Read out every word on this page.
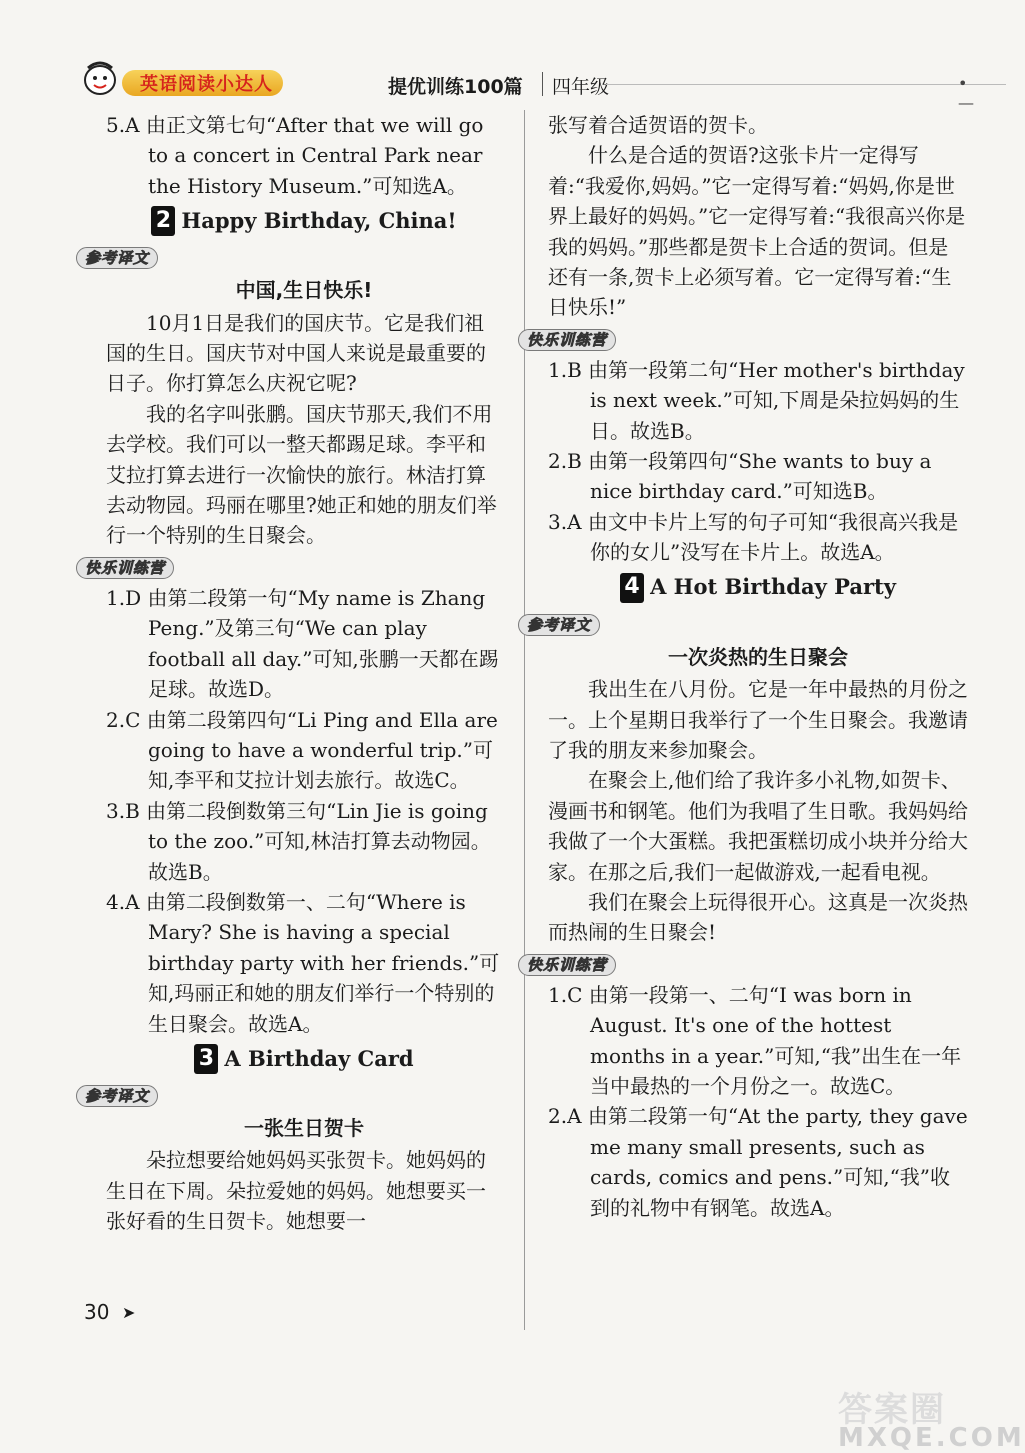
英语阅读小达人	提优训练100篇 四年级	•—

5.A 由正文第七句“After that we will go to a concert in Central Park near the History Museum.”可知选A。

2 Happy Birthday, China!
参考译文

中国,生日快乐!

10月1日是我们的国庆节。它是我们祖国的生日。国庆节对中国人来说是最重要的日子。你打算怎么庆祝它呢?

我的名字叫张鹏。国庆节那天,我们不用去学校。我们可以一整天都踢足球。李平和艾拉打算去进行一次愉快的旅行。林洁打算去动物园。玛丽在哪里?她正和她的朋友们举行一个特别的生日聚会。

快乐训练营

1.D 由第二段第一句“My name is Zhang Peng.”及第三句“We can play football all day.”可知,张鹏一天都在踢足球。故选D。

2.C 由第二段第四句“Li Ping and Ella are going to have a wonderful trip.”可知,李平和艾拉计划去旅行。故选C。

3.B 由第二段倒数第三句“Lin Jie is going to the zoo.”可知,林洁打算去动物园。故选B。

4.A 由第二段倒数第一、二句“Where is Mary? She is having a special birthday party with her friends.”可知,玛丽正和她的朋友们举行一个特别的生日聚会。故选A。

3 A Birthday Card
参考译文

一张生日贺卡

朵拉想要给她妈妈买张贺卡。她妈妈的生日在下周。朵拉爱她的妈妈。她想要买一张好看的生日贺卡。她想要一

张写着合适贺语的贺卡。

什么是合适的贺语?这张卡片一定得写着:“我爱你,妈妈。”它一定得写着:“妈妈,你是世界上最好的妈妈。”它一定得写着:“我很高兴你是我的妈妈。”那些都是贺卡上合适的贺词。但是还有一条,贺卡上必须写着。它一定得写着:“生日快乐!”

快乐训练营

1.B 由第一段第二句“Her mother's birthday is next week.”可知,下周是朵拉妈妈的生日。故选B。

2.B 由第一段第四句“She wants to buy a nice birthday card.”可知选B。

3.A 由文中卡片上写的句子可知“我很高兴我是你的女儿”没写在卡片上。故选A。

4 A Hot Birthday Party
参考译文

一次炎热的生日聚会

我出生在八月份。它是一年中最热的月份之一。上个星期日我举行了一个生日聚会。我邀请了我的朋友来参加聚会。

在聚会上,他们给了我许多小礼物,如贺卡、漫画书和钢笔。他们为我唱了生日歌。我妈妈给我做了一个大蛋糕。我把蛋糕切成小块并分给大家。在那之后,我们一起做游戏,一起看电视。

我们在聚会上玩得很开心。这真是一次炎热而热闹的生日聚会!

快乐训练营

1.C 由第一段第一、二句“I was born in August. It's one of the hottest months in a year.”可知,“我”出生在一年当中最热的一个月份之一。故选C。

2.A 由第二段第一句“At the party, they gave me many small presents, such as cards, comics and pens.”可知,“我”收到的礼物中有钢笔。故选A。

30 ➤
答案圈
MXQE.COM
